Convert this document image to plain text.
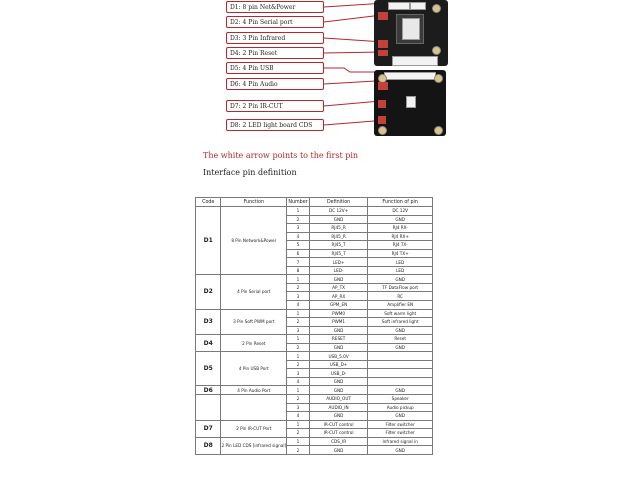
D1: 8 pin Net&Power
D2: 4 Pin Serial port
D3: 3 Pin Infrared
D4: 2 Pin Reset
D5: 4 Pin USB
D6: 4 Pin Audio
D7: 2 Pin IR-CUT
D8: 2 LED light board CDS
The white arrow points to the first pin
Interface pin definition
Code	Function	Number	Definition	Function of pin
D1	8 Pin Network&Power	1	DC 12V+	DC 12V
		2	GND	GND
		3	RJ45_R	RJ4 RX-
		4	RJ45_R	RJ4 RX+
		5	RJ45_T	RJ4 TX-
		6	RJ45_T	RJ4 TX+
		7	LED+	LED
		8	LED-	LED
D2	4 Pin Serial port	1	GND	GND
		2	AP_TX	TF DataFlow port
		3	AP_RX	RC
		4	GPM_EN	Amplifier EN
D3	3 Pin Soft PWM port	1	PWM0	Soft warm light
		2	PWM1	Soft infrared light
		3	GND	GND
D4	2 Pin Reset	1	RESET	Reset
		2	GND	GND
D5	4 Pin USB Port	1	USB_5.0V	
		2	USB_D+	
		3	USB_D-	
		4	GND	
D6	4 Pin Audio Port	1	GND	GND
		2	AUDIO_OUT	Speaker
		3	AUDIO_IN	Audio pickup
		4	GND	GND
D7	2 Pin IR-CUT Port	1	IR-CUT control	Filter switcher
		2	IR-CUT control	Filter switcher
D8	2 Pin LED CDS [infrared signal]	1	CDS_IR	Infrared signal in
		2	GND	GND
